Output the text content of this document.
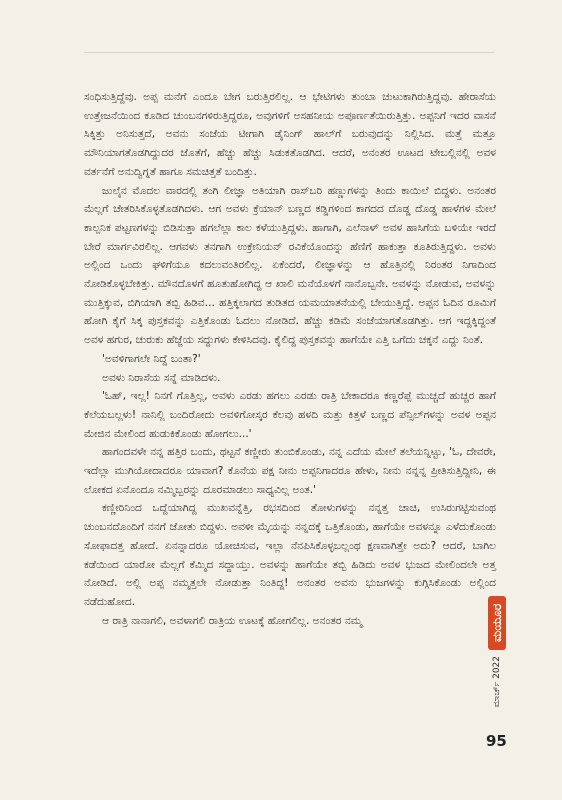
ಸಂಧಿಸುತ್ತಿದ್ದೆವು. ಅಪ್ಪ ಮನೆಗೆ ಎಂದೂ ಬೇಗ ಬರುತ್ತಿರಲಿಲ್ಲ. ಆ ಭೇಟಿಗಳು ತುಂಬಾ ಚುಟುಕಾಗಿರುತ್ತಿದ್ದವು. ಹೇರಾಸೆಯ ಉತ್ತೇಜನೆಯಿಂದ ಕೂಡಿದ ಚುಂಬನಗಳಿರುತ್ತಿದ್ದರೂ, ಅವುಗಳಿಗೆ ಅಸಹನೀಯ ಅಪೂರ್ಣತೆಯಿರುತ್ತಿತ್ತು. ಅಪ್ಪನಿಗೆ ಇದರ ವಾಸನೆ ಸಿಕ್ಕಿತ್ತು ಅನಿಸುತ್ತದೆ, ಅವನು ಸಂಜೆಯ ಟೀಗಾಗಿ ಡೈನಿಂಗ್ ಹಾಲ್‌ಗೆ ಬರುವುದನ್ನು ನಿಲ್ಲಿಸಿದ. ಮತ್ತೆ ಮತ್ತೂ ಮೌನಿಯಾಗತೊಡಗಿದ್ದುದರ ಜೊತೆಗೆ, ಹೆಚ್ಚು ಹೆಚ್ಚು ಸಿಡುಕತೊಡಗಿದ. ಆದರೆ, ಅನಂತರ ಊಟದ ಟೇಬಲ್ಲಿನಲ್ಲಿ ಅವಳ ವರ್ತನೆಗೆ ಅನುದ್ವಿಗ್ನತೆ ಹಾಗೂ ಸಮಚಿತ್ತತೆ ಬಂದಿತ್ತು.

ಜುಲೈನ ಮೊದಲ ವಾರದಲ್ಲಿ ತಂಗಿ ಲೀಜ್ಞಾ ಅತಿಯಾಗಿ ರಾಸ್‌ಬರಿ ಹಣ್ಣುಗಳನ್ನು ತಿಂದು ಕಾಯಿಲೆ ಬಿದ್ದಳು. ಅನಂತರ ಮೆಲ್ಲಗೆ ಚೇತರಿಸಿಕೊಳ್ಳತೊಡಗಿದಳು. ಆಗ ಅವಳು ಕ್ರೆಯಾನ್ ಬಣ್ಣದ ಕಡ್ಡಿಗಳಿಂದ ಕಾಗದದ ದೊಡ್ಡ ದೊಡ್ಡ ಹಾಳೆಗಳ ಮೇಲೆ ಕಾಲ್ಪನಿಕ ಪಟ್ಟಣಗಳನ್ನು ಬಿಡಿಸುತ್ತಾ ಹಗಲೆಲ್ಲಾ ಕಾಲ ಕಳೆಯುತ್ತಿದ್ದಳು. ಹಾಗಾಗಿ, ಎಲೆನಾಳ್ ಅವಳ ಹಾಸಿಗೆಯ ಬಳಿಯೇ ಇರದೆ ಬೇರೆ ಮಾರ್ಗವಿರಲಿಲ್ಲ. ಆಗವಳು ತನಗಾಗಿ ಉಕ್ರೇನಿಯನ್ ರವಿಕೆಯೊಂದನ್ನು ಹೆಣಿಗೆ ಹಾಕುತ್ತಾ ಕೂತಿರುತ್ತಿದ್ದಳು. ಅವಳು ಅಲ್ಲಿಂದ ಒಂದು ಘಳಿಗೆಯೂ ಕದಲುವಂತಿರಲಿಲ್ಲ. ಏಕೆಂದರೆ, ಲೀಜ್ಞಾಳನ್ನು ಆ ಹೊತ್ತಿನಲ್ಲಿ ನಿರಂತರ ನಿಗಾದಿಂದ ನೋಡಿಕೊಳ್ಳಬೇಕಿತ್ತು. ಮೌನದೊಳಗೆ ಹೂತುಹೋಗಿದ್ದ ಆ ಖಾಲಿ ಮನೆಯೊಳಗೆ ನಾನೊಬ್ಬನೇ. ಅವಳನ್ನು ನೋಡುವ, ಅವಳನ್ನು ಮುತ್ತಿಕ್ಕುವ, ಬಿಗಿಯಾಗಿ ತಬ್ಬಿ ಹಿಡಿವ... ಹತ್ತಿಕ್ಕಲಾಗದ ತುಡಿತದ ಯಮಯಾತನೆಯಲ್ಲಿ ಬೇಯುತ್ತಿದ್ದೆ. ಅಪ್ಪನ ಓದಿನ ರೂಮಿಗೆ ಹೋಗಿ ಕೈಗೆ ಸಿಕ್ಕ ಪುಸ್ತಕವನ್ನು ಎತ್ತಿಕೊಂಡು ಓದಲು ನೋಡಿದೆ. ಹೆಚ್ಚು ಕಡಿಮೆ ಸಂಜೆಯಾಗತೊಡಗಿತ್ತು. ಆಗ ಇದ್ದಕ್ಕಿದ್ದಂತೆ ಅವಳ ಹಗುರ, ಚುರುಕು ಹೆಜ್ಜೆಯ ಸದ್ದುಗಳು ಕೇಳಿಸಿದವು. ಕೈಲಿದ್ದ ಪುಸ್ತಕವನ್ನು ಹಾಗೆಯೇ ಎತ್ತಿ ಒಗೆದು ಚಕ್ಕನೆ ಎದ್ದು ನಿಂತೆ.

'ಅವಳಿಗಾಗಲೇ ನಿದ್ದೆ ಬಂತಾ?'

ಅವಳು ನಿರಾಸೆಯ ಸನ್ನೆ ಮಾಡಿದಳು.

'ಓಹ್, ಇಲ್ಲ! ನಿನಗೆ ಗೊತ್ತಿಲ್ಲ, ಅವಳು ಎರಡು ಹಗಲು ಎರಡು ರಾತ್ರಿ ಬೇಕಾದರೂ ಕಣ್ಣರೆಪ್ಪೆ ಮುಚ್ಚದೆ ಹುಚ್ಚರ ಹಾಗೆ ಕೆಲೆಯಬಲ್ಲಳು! ನಾನಿಲ್ಲಿ ಬಂದಿರೋದು ಅವಳಿಗೋಸ್ಕರ ಕೆಲವು ಹಳದಿ ಮತ್ತು ಕಿತ್ತಳೆ ಬಣ್ಣದ ಪೆನ್ಸಿಲ್‌ಗಳನ್ನು ಅವಳ ಅಪ್ಪನ ಮೇಜಿನ ಮೇಲಿಂದ ಹುಡುಕಿಕೊಂಡು ಹೋಗಲು...'

ಹಾಗಂದವಳೇ ನನ್ನ ಹತ್ತಿರ ಬಂದು, ಥಟ್ಟನೆ ಕಣ್ಣೀರು ತುಂಬಿಕೊಂಡು, ನನ್ನ ಎದೆಯ ಮೇಲೆ ತಲೆಯನ್ನಿಟ್ಟು, 'ಓ, ದೇವರೇ, ಇದೆಲ್ಲಾ ಮುಗಿಯೋದಾದರೂ ಯಾವಾಗ? ಕೊನೆಯ ಪಕ್ಷ ನೀನು ಅಪ್ಪನಿಗಾದರೂ ಹೇಳು, ನೀನು ನನ್ನನ್ನ ಪ್ರೀತಿಸುತ್ತಿದ್ದೀನಿ, ಈ ಲೋಕದ ಏನೊಂದೂ ನಮ್ಮಿಬ್ಬರನ್ನು ದೂರಮಾಡಲು ಸಾಧ್ಯವಿಲ್ಲ ಅಂತ.'

ಕಣ್ಣೀರಿನಿಂದ ಒದ್ದೆಯಾಗಿದ್ದ ಮುಖವನ್ನೆತ್ತಿ, ರಭಸದಿಂದ ತೋಳುಗಳನ್ನು ನನ್ನತ್ತ ಚಾಚಿ, ಉಸಿರುಗಟ್ಟಿಸುವಂಥ ಚುಂಬನದೊಂದಿಗೆ ನನಗೆ ಜೋತು ಬಿದ್ದಳು. ಅವಳೀ ಮೈಯನ್ನು ನನ್ನದಕ್ಕೆ ಒತ್ತಿಕೊಂಡು, ಹಾಗೆಯೇ ಅವಳನ್ನೂ ಎಳೆದುಕೊಂಡು ಸೋಫಾದತ್ತ ಹೋದೆ. ಏನನ್ನಾದರೂ ಯೋಚಿಸುವ, ಇಲ್ಲಾ ನೆನಪಿಸಿಕೊಳ್ಳಬಲ್ಲಂಥ ಕ್ಷಣವಾಗಿತ್ತೇ ಅದು? ಆದರೆ, ಬಾಗಿಲ ಕಡೆಯಿಂದ ಯಾರೋ ಮೆಲ್ಲಗೆ ಕೆಮ್ಮಿದ ಸದ್ದಾಯ್ತು. ಅವಳನ್ನು ಹಾಗೆಯೇ ತಬ್ಬಿ ಹಿಡಿದು ಅವಳ ಭುಜದ ಮೇಲಿಂದಲೇ ಅತ್ತ ನೋಡಿದೆ. ಅಲ್ಲಿ ಅಪ್ಪ ನಮ್ಮತ್ತಲೇ ನೋಡುತ್ತಾ ನಿಂತಿದ್ದ! ಅನಂತರ ಅವನು ಭುಜಗಳನ್ನು ಕುಗ್ಗಿಸಿಕೊಂಡು ಅಲ್ಲಿಂದ ನಡೆದುಹೋದ.

ಆ ರಾತ್ರಿ ನಾನಾಗಲಿ, ಅವಳಾಗಲಿ ರಾತ್ರಿಯ ಊಟಕ್ಕೆ ಹೋಗಲಿಲ್ಲ. ಅನಂತರ ನಮ್ಮ	ಮಯೂರ
ಮಾರ್ಚ್ 2022
95
